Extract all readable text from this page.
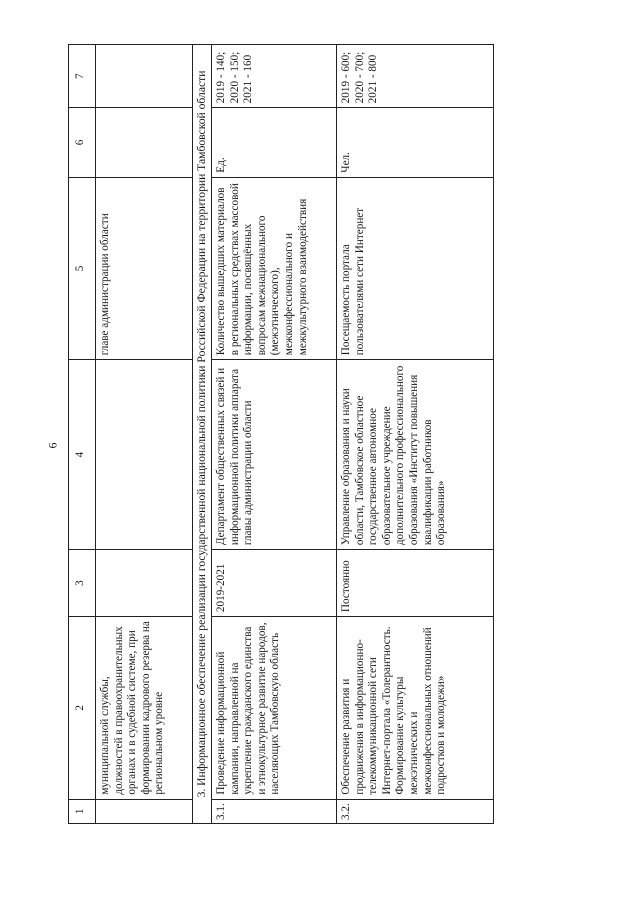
6
1	2	3	4	5	6	7
	муниципальной службы, должностей в правоохранительных органах и в судебной системе, при формировании кадрового резерва на региональном уровне			главе администрации области		
3. Информационное обеспечение реализации государственной национальной политики Российской Федерации на территории Тамбовской области						
3.1.	Проведение информационной кампании, направленной на укрепление гражданского единства и этнокультурное развитие народов, населяющих Тамбовскую область	2019-2021	Департамент общественных связей и информационной политики аппарата главы администрации области	Количество вышедших материалов в региональных средствах массовой информации, посвящённых вопросам межнационального (межэтнического), межконфессионального и межкультурного взаимодействия	Ед.	2019 - 140; 2020 - 150; 2021 - 160
3.2.	Обеспечение развития и продвижения в информационно-телекоммуникационной сети Интернет-портала «Толерантность. Формирование культуры межэтнических и межконфессиональных отношений подростков и молодежи»	Постоянно	Управление образования и науки области, Тамбовское областное государственное автономное образовательное учреждение дополнительного профессионального образования «Институт повышения квалификации работников образования»	Посещаемость портала пользователями сети Интернет	Чел.	2019 - 600; 2020 - 700; 2021 - 800
